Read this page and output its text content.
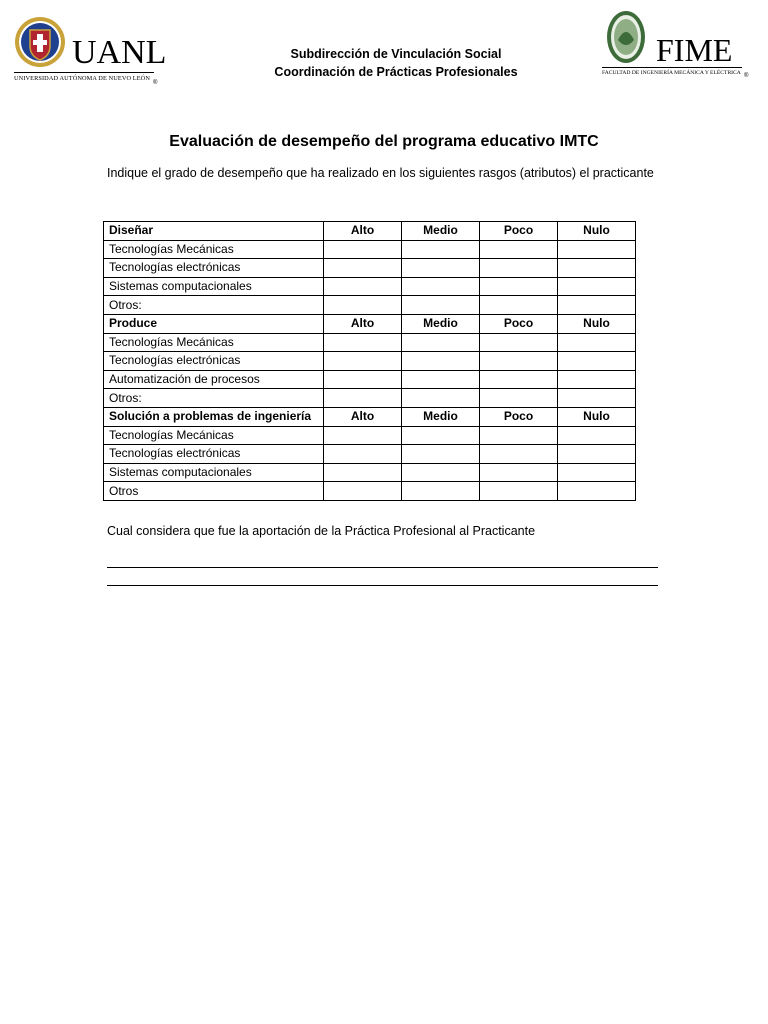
UANL
UNIVERSIDAD AUTÓNOMA DE NUEVO LEÓN
®
Subdirección de Vinculación Social
Coordinación de Prácticas Profesionales
FIME
FACULTAD DE INGENIERÍA MECÁNICA Y ELÉCTRICA ®
Evaluación de desempeño del programa educativo IMTC
Indique el grado de desempeño que ha realizado en los siguientes rasgos (atributos) el practicante
Diseñar	Alto	Medio	Poco	Nulo
Tecnologías Mecánicas				
Tecnologías electrónicas				
Sistemas computacionales				
Otros:				
Produce	Alto	Medio	Poco	Nulo
Tecnologías Mecánicas				
Tecnologías electrónicas				
Automatización de procesos				
Otros:				
Solución a problemas de ingeniería	Alto	Medio	Poco	Nulo
Tecnologías Mecánicas				
Tecnologías electrónicas				
Sistemas computacionales				
Otros				
Cual considera que fue la aportación de la Práctica Profesional al Practicante
